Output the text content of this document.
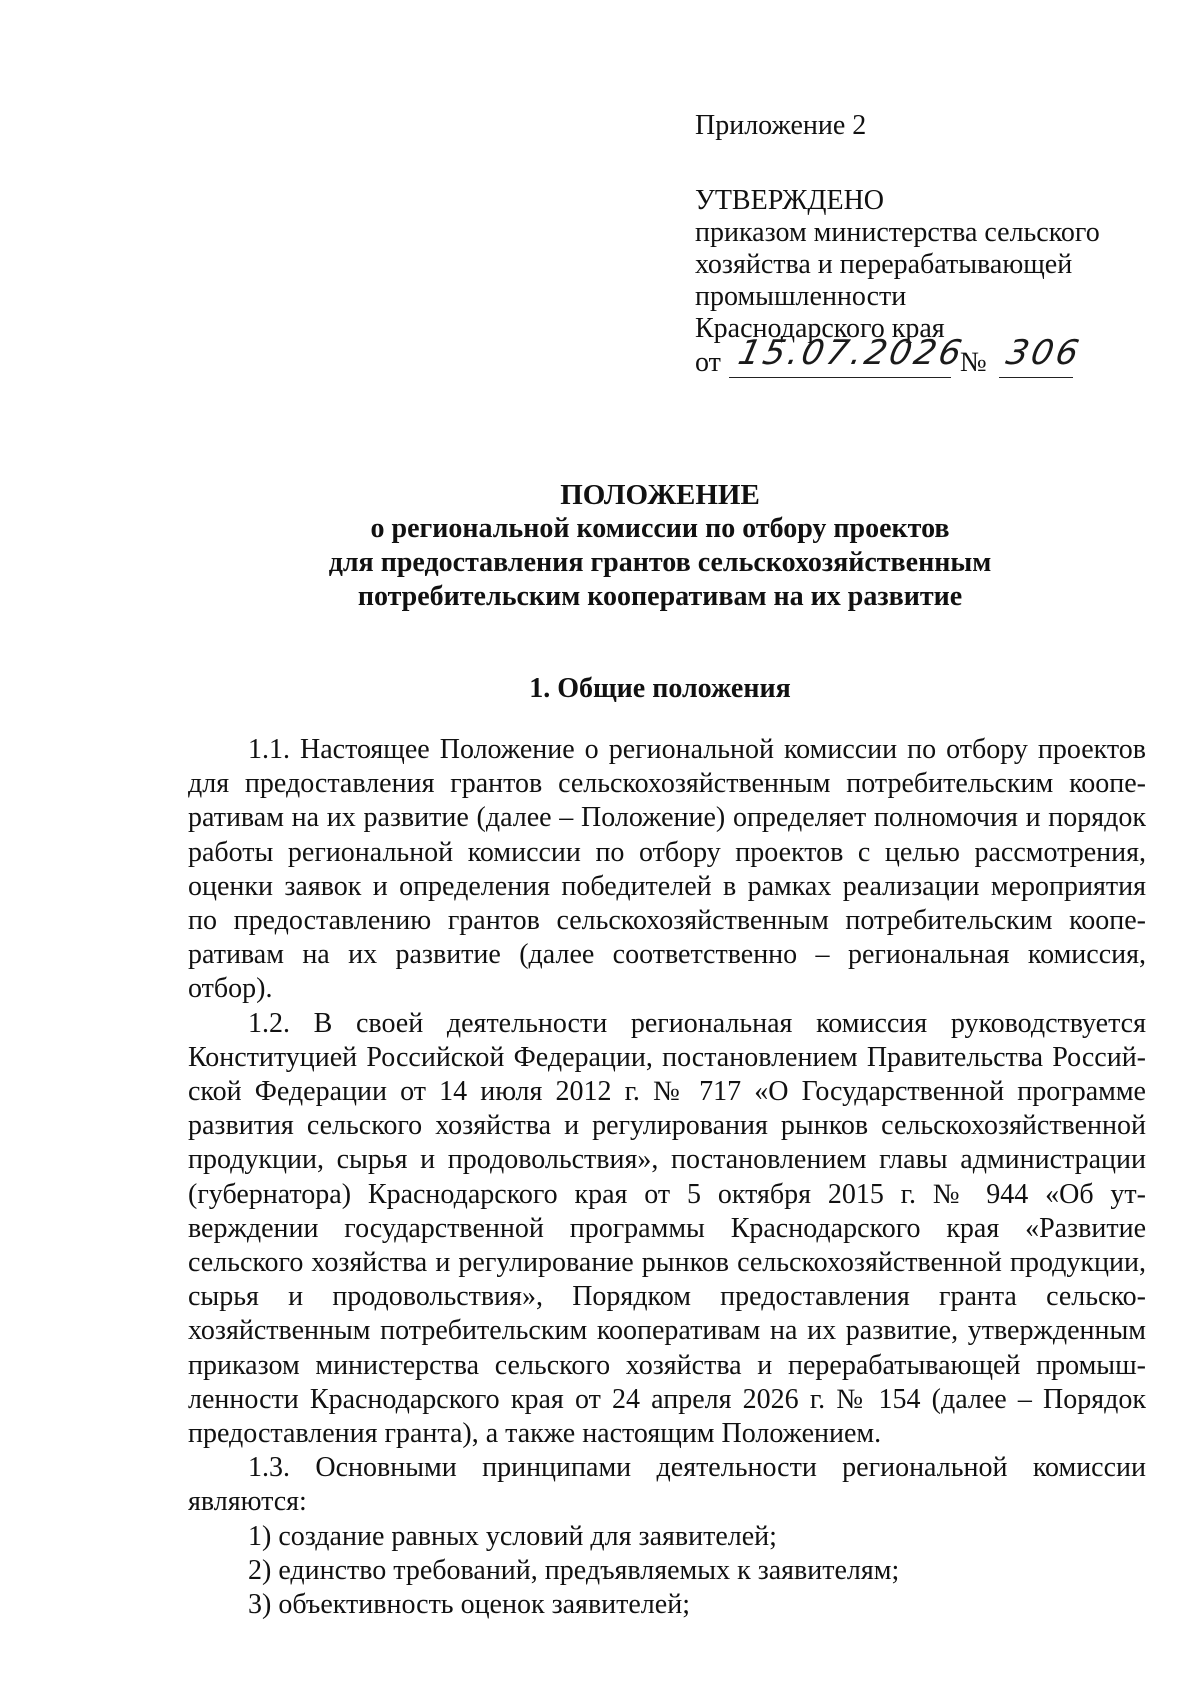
Приложение 2
УТВЕРЖДЕНО
приказом министерства сельского
хозяйства и перерабатывающей
промышленности
Краснодарского края
от 15.07.2026
№ 306
ПОЛОЖЕНИЕ
о региональной комиссии по отбору проектов
для предоставления грантов сельскохозяйственным
потребительским кооперативам на их развитие
1. Общие положения

1.1. Настоящее Положение о региональной комиссии по отбору проектов для предоставления грантов сельскохозяйственным потребительским кооперативам на их развитие (далее – Положение) определяет полномочия и порядок работы региональной комиссии по отбору проектов с целью рассмотрения, оценки заявок и определения победителей в рамках реализации мероприятия по предоставлению грантов сельскохозяйственным потребительским кооперативам на их развитие (далее соответственно – региональная комиссия, отбор).

1.2. В своей деятельности региональная комиссия руководствуется Конституцией Российской Федерации, постановлением Правительства Российской Федерации от 14 июля 2012 г. № 717 «О Государственной программе развития сельского хозяйства и регулирования рынков сельскохозяйственной продукции, сырья и продовольствия», постановлением главы администрации (губернатора) Краснодарского края от 5 октября 2015 г. № 944 «Об утверждении государственной программы Краснодарского края «Развитие сельского хозяйства и регулирование рынков сельскохозяйственной продукции, сырья и продовольствия», Порядком предоставления гранта сельскохозяйственным потребительским кооперативам на их развитие, утвержденным приказом министерства сельского хозяйства и перерабатывающей промышленности Краснодарского края от 24 апреля 2026 г. № 154 (далее – Порядок предоставления гранта), а также настоящим Положением.

1.3. Основными принципами деятельности региональной комиссии являются:

1) создание равных условий для заявителей;

2) единство требований, предъявляемых к заявителям;

3) объективность оценок заявителей;
